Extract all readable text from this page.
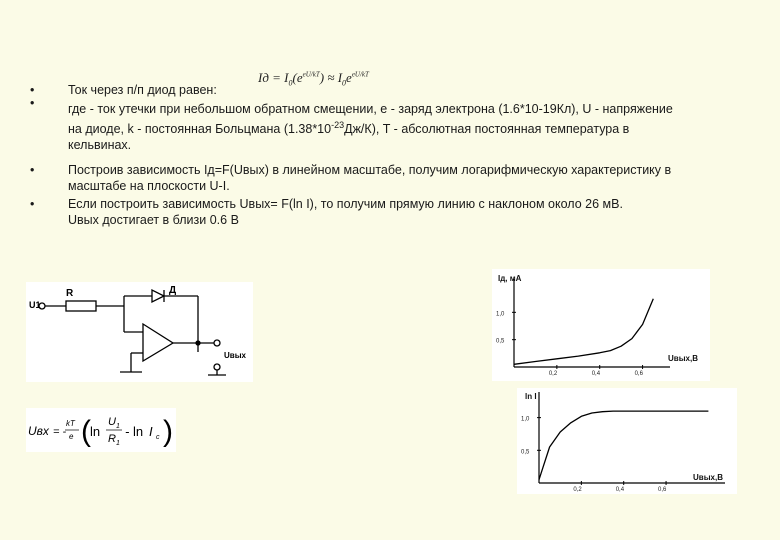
•	Ток через п/п диод равен:
•	где - ток утечки при небольшом обратном смещении, e - заряд электрона (1.6*10-19Кл), U - напряжение
на диоде, k - постоянная Больцмана $(1.38*10^{-23}Дж/К)$, T - абсолютная постоянная температура в
кельвинах.
•	Построив зависимость Iд=F(Uвых) в линейном масштабе, получим логарифмическую характеристику в
масштабе на плоскости U-I.
•	Если построить зависимость Uвых= F(ln I), то получим прямую линию с наклоном около 26 мВ.
Uвых достигает в близи 0.6 В
Iд = $I_0(e^{eU/kT}) \approx I_0e^{eU/kT}$
U1
R	Д
Uвых
Uвх = -
kT
e ( ln
U 1
R 1
- ln I c )
1,0
0,5
0,2	0,4	0,6
Iд, мА
Uвых,В
1,0
0,5
0,2	0,4	0,6
ln I
Uвых,В
